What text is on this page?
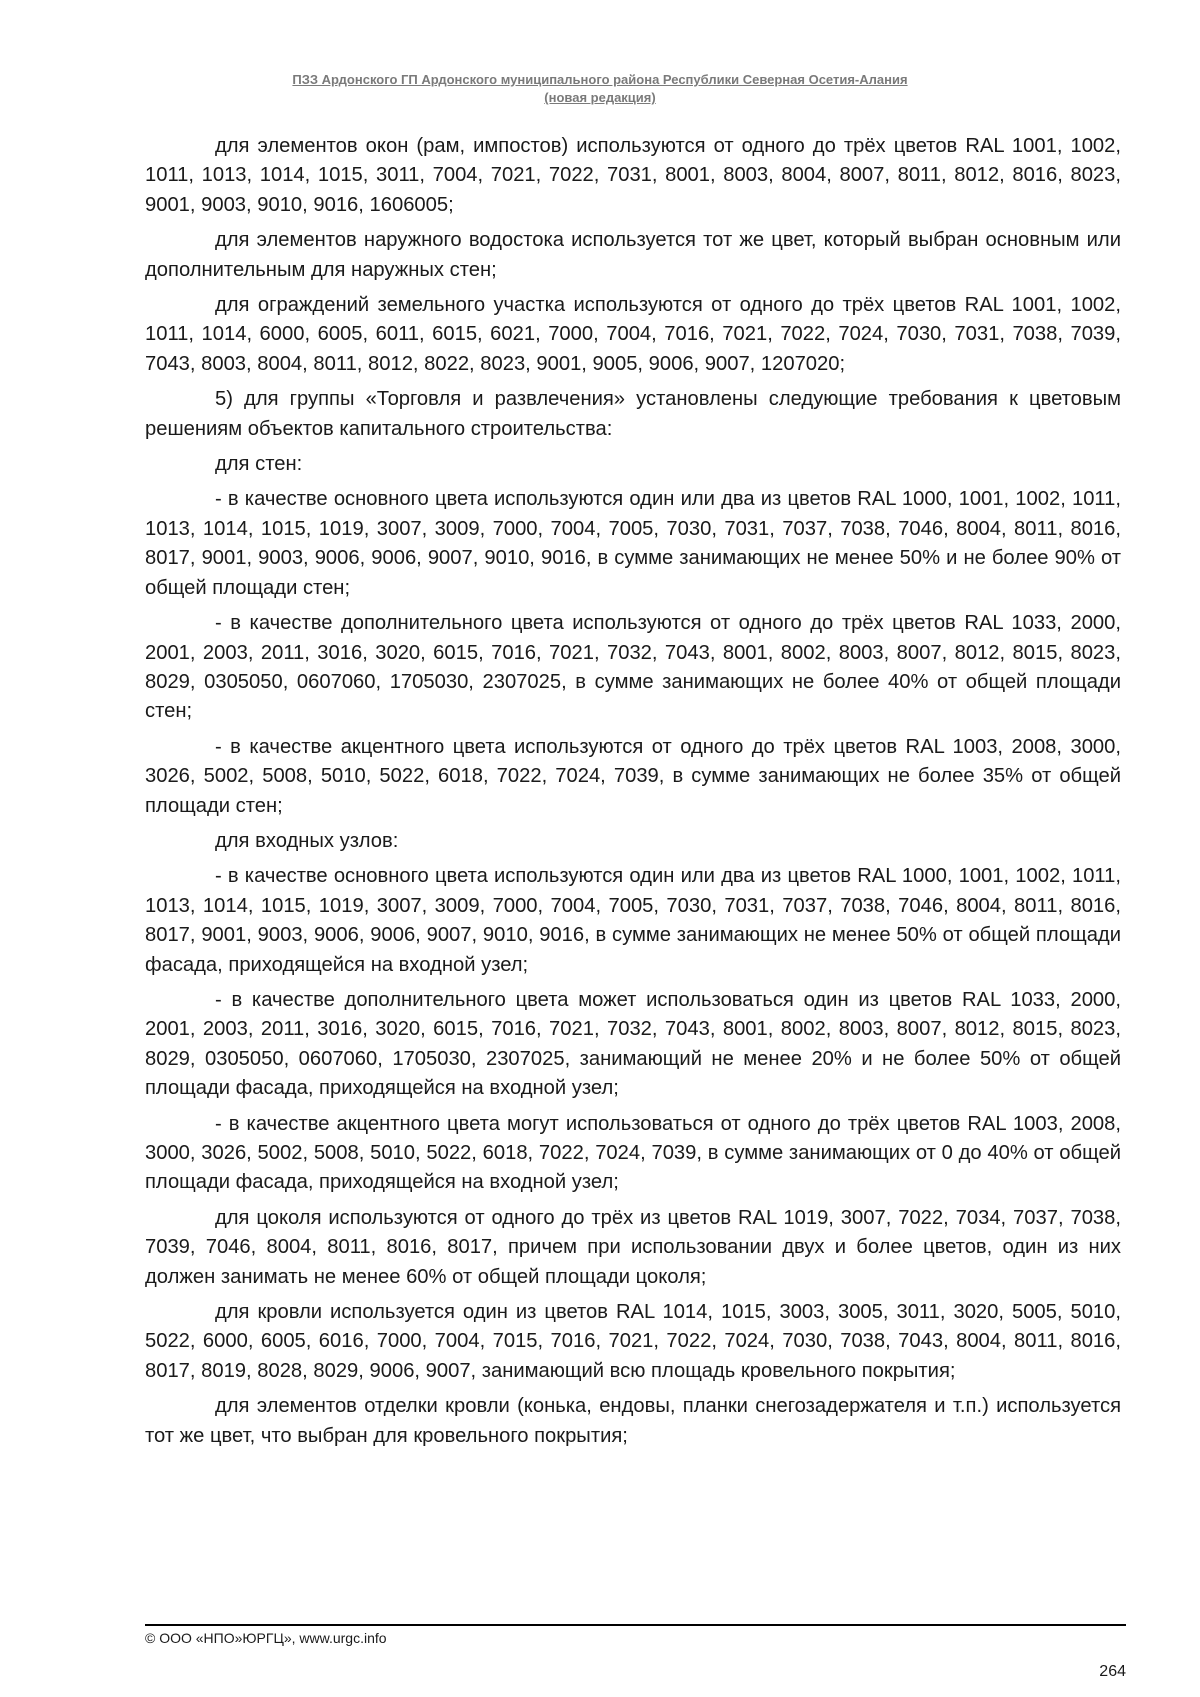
ПЗЗ Ардонского ГП Ардонского муниципального района Республики Северная Осетия-Алания
(новая редакция)

для элементов окон (рам, импостов) используются от одного до трёх цветов RAL 1001, 1002, 1011, 1013, 1014, 1015, 3011, 7004, 7021, 7022, 7031, 8001, 8003, 8004, 8007, 8011, 8012, 8016, 8023, 9001, 9003, 9010, 9016, 1606005;

для элементов наружного водостока используется тот же цвет, который выбран основным или дополнительным для наружных стен;

для ограждений земельного участка используются от одного до трёх цветов RAL 1001, 1002, 1011, 1014, 6000, 6005, 6011, 6015, 6021, 7000, 7004, 7016, 7021, 7022, 7024, 7030, 7031, 7038, 7039, 7043, 8003, 8004, 8011, 8012, 8022, 8023, 9001, 9005, 9006, 9007, 1207020;

5) для группы «Торговля и развлечения» установлены следующие требования к цветовым решениям объектов капитального строительства:

для стен:

- в качестве основного цвета используются один или два из цветов RAL 1000, 1001, 1002, 1011, 1013, 1014, 1015, 1019, 3007, 3009, 7000, 7004, 7005, 7030, 7031, 7037, 7038, 7046, 8004, 8011, 8016, 8017, 9001, 9003, 9006, 9006, 9007, 9010, 9016, в сумме занимающих не менее 50% и не более 90% от общей площади стен;

- в качестве дополнительного цвета используются от одного до трёх цветов RAL 1033, 2000, 2001, 2003, 2011, 3016, 3020, 6015, 7016, 7021, 7032, 7043, 8001, 8002, 8003, 8007, 8012, 8015, 8023, 8029, 0305050, 0607060, 1705030, 2307025, в сумме занимающих не более 40% от общей площади стен;

- в качестве акцентного цвета используются от одного до трёх цветов RAL 1003, 2008, 3000, 3026, 5002, 5008, 5010, 5022, 6018, 7022, 7024, 7039, в сумме занимающих не более 35% от общей площади стен;

для входных узлов:

- в качестве основного цвета используются один или два из цветов RAL 1000, 1001, 1002, 1011, 1013, 1014, 1015, 1019, 3007, 3009, 7000, 7004, 7005, 7030, 7031, 7037, 7038, 7046, 8004, 8011, 8016, 8017, 9001, 9003, 9006, 9006, 9007, 9010, 9016, в сумме занимающих не менее 50% от общей площади фасада, приходящейся на входной узел;

- в качестве дополнительного цвета может использоваться один из цветов RAL 1033, 2000, 2001, 2003, 2011, 3016, 3020, 6015, 7016, 7021, 7032, 7043, 8001, 8002, 8003, 8007, 8012, 8015, 8023, 8029, 0305050, 0607060, 1705030, 2307025, занимающий не менее 20% и не более 50% от общей площади фасада, приходящейся на входной узел;

- в качестве акцентного цвета могут использоваться от одного до трёх цветов RAL 1003, 2008, 3000, 3026, 5002, 5008, 5010, 5022, 6018, 7022, 7024, 7039, в сумме занимающих от 0 до 40% от общей площади фасада, приходящейся на входной узел;

для цоколя используются от одного до трёх из цветов RAL 1019, 3007, 7022, 7034, 7037, 7038, 7039, 7046, 8004, 8011, 8016, 8017, причем при использовании двух и более цветов, один из них должен занимать не менее 60% от общей площади цоколя;

для кровли используется один из цветов RAL 1014, 1015, 3003, 3005, 3011, 3020, 5005, 5010, 5022, 6000, 6005, 6016, 7000, 7004, 7015, 7016, 7021, 7022, 7024, 7030, 7038, 7043, 8004, 8011, 8016, 8017, 8019, 8028, 8029, 9006, 9007, занимающий всю площадь кровельного покрытия;

для элементов отделки кровли (конька, ендовы, планки снегозадержателя и т.п.) используется тот же цвет, что выбран для кровельного покрытия;

© ООО «НПО»ЮРГЦ», www.urgc.info
264
